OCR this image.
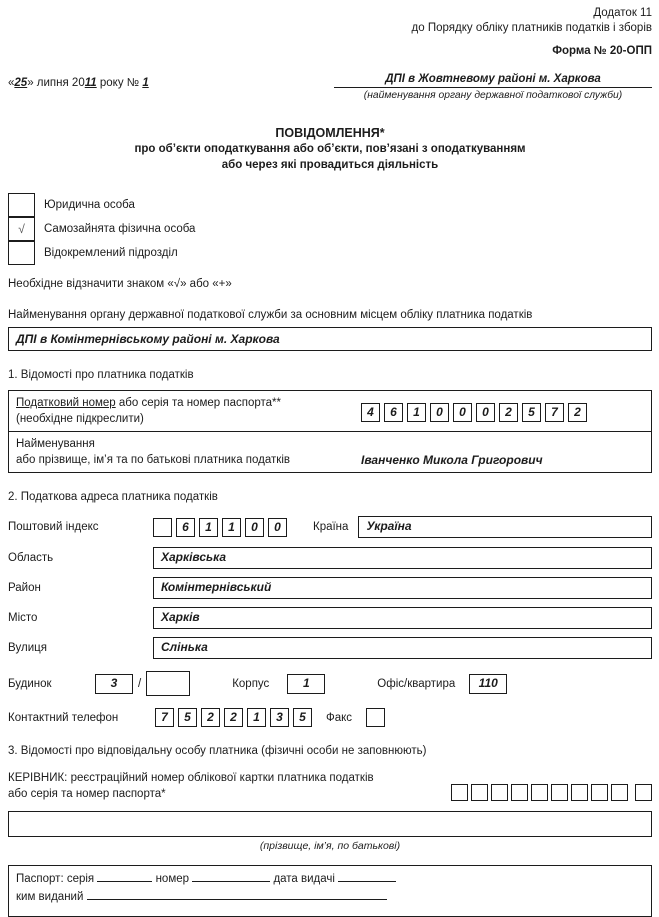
Додаток 11
до Порядку обліку платників податків і зборів
Форма № 20-ОПП
«25» липня 2011 року № 1	ДПІ в Жовтневому районі м. Харкова
(найменування органу державної податкової служби)
ПОВІДОМЛЕННЯ*
про об’єкти оподаткування або об’єкти, пов’язані з оподаткуванням
або через які провадиться діяльність
Юридична особа
√	Самозайнята фізична особа
Відокремлений підрозділ
Необхідне відзначити знаком «√» або «+»
Найменування органу державної податкової служби за основним місцем обліку платника податків
ДПІ в Комінтернівському районі м. Харкова
1. Відомості про платника податків
Податковий номер або серія та номер паспорта**
(необхідне підкреслити)
4	6	1	0	0	0	2	5	7	2
Найменування
або прізвище, ім’я та по батькові платника податків	Іванченко Микола Григорович
2. Податкова адреса платника податків
Поштовий індекс	6	1	1	0	0	Країна	Україна
Область	Харківська
Район	Комінтернівський
Місто	Харків
Вулиця	Слінька
Будинок	3	/	Корпус	1	Офіс/квартира	110
Контактний телефон	7	5	2	2	1	3	5	Факс
3. Відомості про відповідальну особу платника (фізичні особи не заповнюють)
КЕРІВНИК: реєстраційний номер облікової картки платника податків
або серія та номер паспорта*
(прізвище, ім’я, по батькові)
Паспорт: серія	номер	дата видачі
ким виданий
